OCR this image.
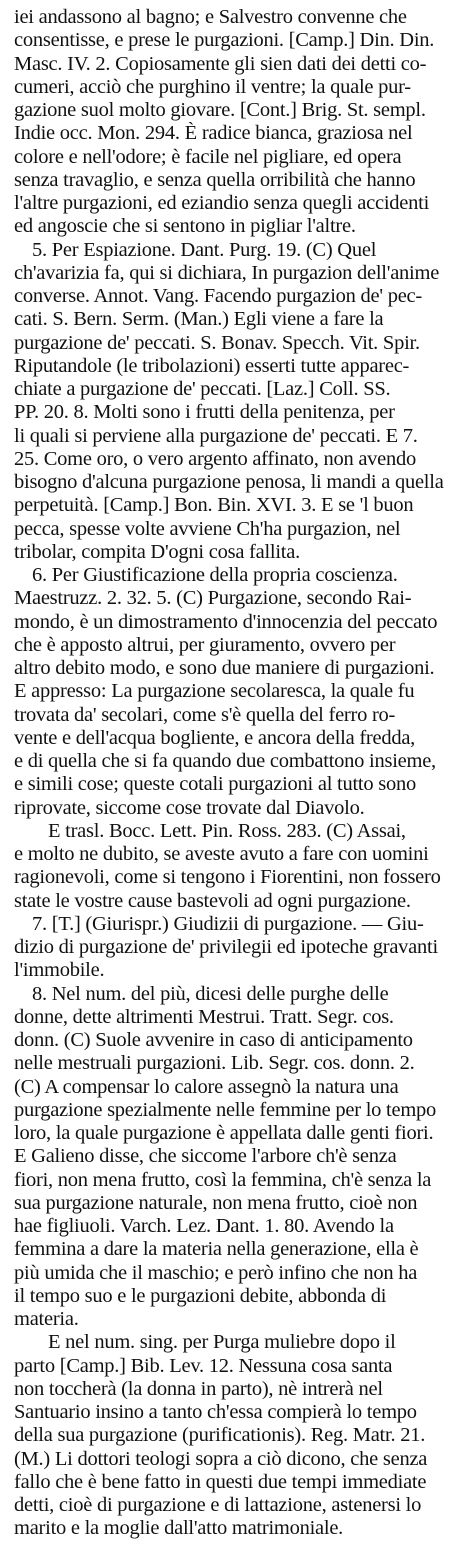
iei andassono al bagno; e Salvestro convenne che
consentisse, e prese le purgazioni. [Camp.] Din. Din.
Masc. IV. 2. Copiosamente gli sien dati dei detti co-
cumeri, acciò che purghino il ventre; la quale pur-
gazione suol molto giovare. [Cont.] Brig. St. sempl.
Indie occ. Mon. 294. È radice bianca, graziosa nel
colore e nell'odore; è facile nel pigliare, ed opera
senza travaglio, e senza quella orribilità che hanno
l'altre purgazioni, ed eziandio senza quegli accidenti
ed angoscie che si sentono in pigliar l'altre.
5. Per Espiazione. Dant. Purg. 19. (C) Quel
ch'avarizia fa, qui si dichiara, In purgazion dell'anime
converse. Annot. Vang. Facendo purgazion de' pec-
cati. S. Bern. Serm. (Man.) Egli viene a fare la
purgazione de' peccati. S. Bonav. Specch. Vit. Spir.
Riputandole (le tribolazioni) esserti tutte apparec-
chiate a purgazione de' peccati. [Laz.] Coll. SS.
PP. 20. 8. Molti sono i frutti della penitenza, per
li quali si perviene alla purgazione de' peccati. E 7.
25. Come oro, o vero argento affinato, non avendo
bisogno d'alcuna purgazione penosa, li mandi a quella
perpetuità. [Camp.] Bon. Bin. XVI. 3. E se 'l buon
pecca, spesse volte avviene Ch'ha purgazion, nel
tribolar, compita D'ogni cosa fallita.
6. Per Giustificazione della propria coscienza.
Maestruzz. 2. 32. 5. (C) Purgazione, secondo Rai-
mondo, è un dimostramento d'innocenzia del peccato
che è apposto altrui, per giuramento, ovvero per
altro debito modo, e sono due maniere di purgazioni.
E appresso: La purgazione secolaresca, la quale fu
trovata da' secolari, come s'è quella del ferro ro-
vente e dell'acqua bogliente, e ancora della fredda,
e di quella che si fa quando due combattono insieme,
e simili cose; queste cotali purgazioni al tutto sono
riprovate, siccome cose trovate dal Diavolo.
E trasl. Bocc. Lett. Pin. Ross. 283. (C) Assai,
e molto ne dubito, se aveste avuto a fare con uomini
ragionevoli, come si tengono i Fiorentini, non fossero
state le vostre cause bastevoli ad ogni purgazione.
7. [T.] (Giurispr.) Giudizii di purgazione. — Giu-
dizio di purgazione de' privilegii ed ipoteche gravanti
l'immobile.
8. Nel num. del più, dicesi delle purghe delle
donne, dette altrimenti Mestrui. Tratt. Segr. cos.
donn. (C) Suole avvenire in caso di anticipamento
nelle mestruali purgazioni. Lib. Segr. cos. donn. 2.
(C) A compensar lo calore assegnò la natura una
purgazione spezialmente nelle femmine per lo tempo
loro, la quale purgazione è appellata dalle genti fiori.
E Galieno disse, che siccome l'arbore ch'è senza
fiori, non mena frutto, così la femmina, ch'è senza la
sua purgazione naturale, non mena frutto, cioè non
hae figliuoli. Varch. Lez. Dant. 1. 80. Avendo la
femmina a dare la materia nella generazione, ella è
più umida che il maschio; e però infino che non ha
il tempo suo e le purgazioni debite, abbonda di
materia.
E nel num. sing. per Purga muliebre dopo il
parto [Camp.] Bib. Lev. 12. Nessuna cosa santa
non toccherà (la donna in parto), nè intrerà nel
Santuario insino a tanto ch'essa compierà lo tempo
della sua purgazione (purificationis). Reg. Matr. 21.
(M.) Li dottori teologi sopra a ciò dicono, che senza
fallo che è bene fatto in questi due tempi immediate
detti, cioè di purgazione e di lattazione, astenersi lo
marito e la moglie dall'atto matrimoniale.
